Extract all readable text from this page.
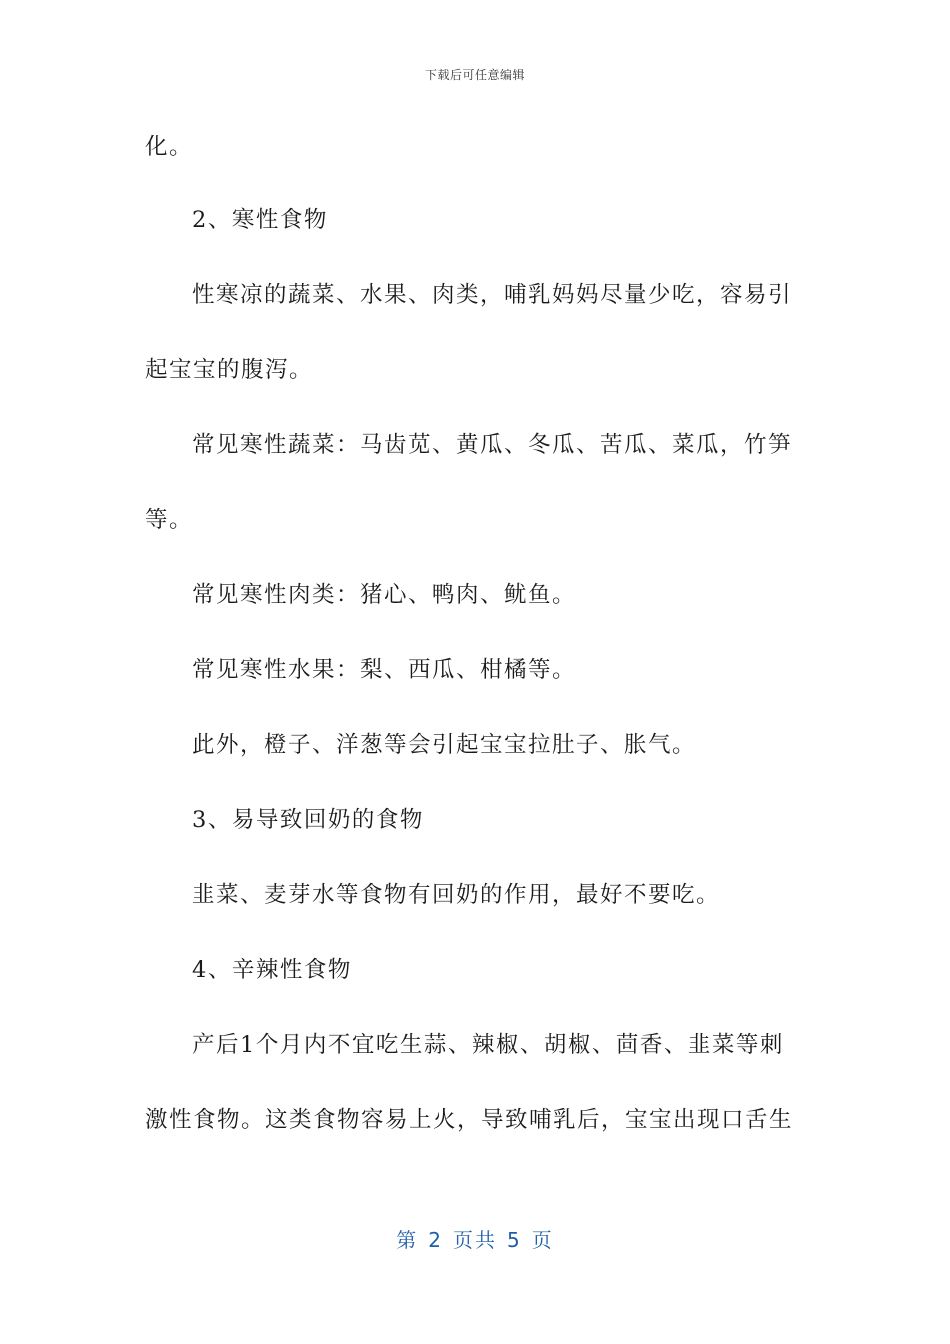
下载后可任意编辑
化。
2、寒性食物
性寒凉的蔬菜、水果、肉类，哺乳妈妈尽量少吃，容易引
起宝宝的腹泻。
常见寒性蔬菜：马齿苋、黄瓜、冬瓜、苦瓜、菜瓜，竹笋
等。
常见寒性肉类：猪心、鸭肉、鱿鱼。
常见寒性水果：梨、西瓜、柑橘等。
此外，橙子、洋葱等会引起宝宝拉肚子、胀气。
3、易导致回奶的食物
韭菜、麦芽水等食物有回奶的作用，最好不要吃。
4、辛辣性食物
产后1个月内不宜吃生蒜、辣椒、胡椒、茴香、韭菜等刺
激性食物。这类食物容易上火，导致哺乳后，宝宝出现口舌生
第 2 页共 5 页
